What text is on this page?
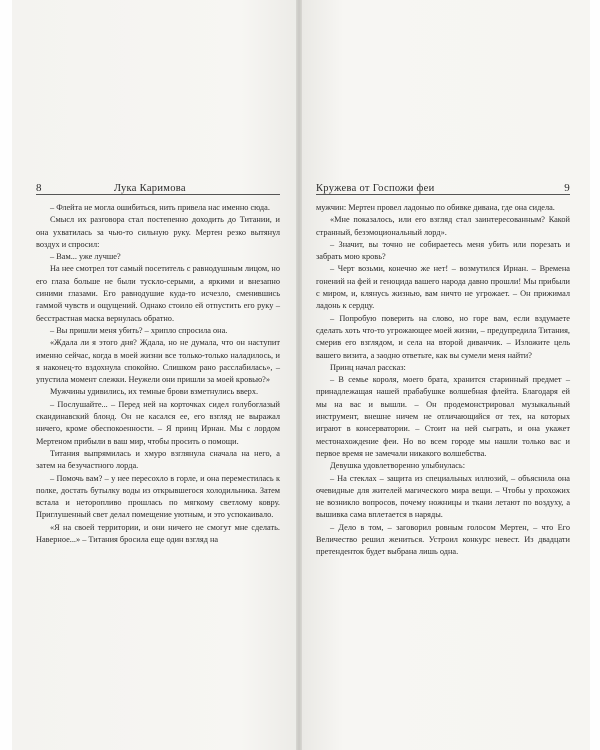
8	Лука Каримова	Кружева от Госпожи феи	9

– Флейта не могла ошибиться, нить привела нас именно сюда.

Смысл их разговора стал постепенно доходить до Титании, и она ухватилась за чью-то сильную руку. Мертен резко вытянул воздух и спросил:

– Вам... уже лучше?

На нее смотрел тот самый посетитель с равнодушным лицом, но его глаза больше не были тускло-серыми, а яркими и внезапно синими глазами. Его равнодушие куда-то исчезло, сменившись гаммой чувств и ощущений. Однако стоило ей отпустить его руку – бесстрастная маска вернулась обратно.

– Вы пришли меня убить? – хрипло спросила она.

«Ждала ли я этого дня? Ждала, но не думала, что он наступит именно сейчас, когда в моей жизни все только-только наладилось, и я наконец-то вздохнула спокойно. Слишком рано расслабилась», – упустила момент слежки. Неужели они пришли за моей кровью?»

Мужчины удивились, их темные брови взметнулись вверх.

– Послушайте... – Перед ней на корточках сидел голубоглазый скандинавский блонд. Он не касался ее, его взгляд не выражал ничего, кроме обеспокоенности. – Я принц Ирнан. Мы с лордом Мертеном прибыли в ваш мир, чтобы просить о помощи.

Титания выпрямилась и хмуро взглянула сначала на него, а затем на безучастного лорда.

– Помочь вам? – у нее пересохло в горле, и она переместилась к полке, достать бутылку воды из открывшегося холодильника. Затем встала и неторопливо прошлась по мягкому светлому ковру. Приглушенный свет делал помещение уютным, и это успокаивало.

«Я на своей территории, и они ничего не смогут мне сделать. Наверное...» – Титания бросила еще один взгляд на

мужчин: Мертен провел ладонью по обивке дивана, где она сидела.

«Мне показалось, или его взгляд стал заинтересованным? Какой странный, безэмоциональный лорд».

– Значит, вы точно не собираетесь меня убить или порезать и забрать мою кровь?

– Черт возьми, конечно же нет! – возмутился Ирнан. – Времена гонений на фей и геноцида вашего народа давно прошли! Мы прибыли с миром, и, клянусь жизнью, вам ничто не угрожает. – Он прижимал ладонь к сердцу.

– Попробую поверить на слово, но горе вам, если вздумаете сделать хоть что-то угрожающее моей жизни, – предупредила Титания, смерив его взглядом, и села на второй диванчик. – Изложите цель вашего визита, а заодно ответьте, как вы сумели меня найти?

Принц начал рассказ:

– В семье короля, моего брата, хранится старинный предмет – принадлежащая нашей прабабушке волшебная флейта. Благодаря ей мы на вас и вышли. – Он продемонстрировал музыкальный инструмент, внешне ничем не отличающийся от тех, на которых играют в консерватории. – Стоит на ней сыграть, и она укажет местонахождение феи. Но во всем городе мы нашли только вас и первое время не замечали никакого волшебства.

Девушка удовлетворенно улыбнулась:

– На стеклах – защита из специальных иллюзий, – объяснила она очевидные для жителей магического мира вещи. – Чтобы у прохожих не возникло вопросов, почему ножницы и ткани летают по воздуху, а вышивка сама вплетается в наряды.

– Дело в том, – заговорил ровным голосом Мертен, – что Его Величество решил жениться. Устроил конкурс невест. Из двадцати претенденток будет выбрана лишь одна.
